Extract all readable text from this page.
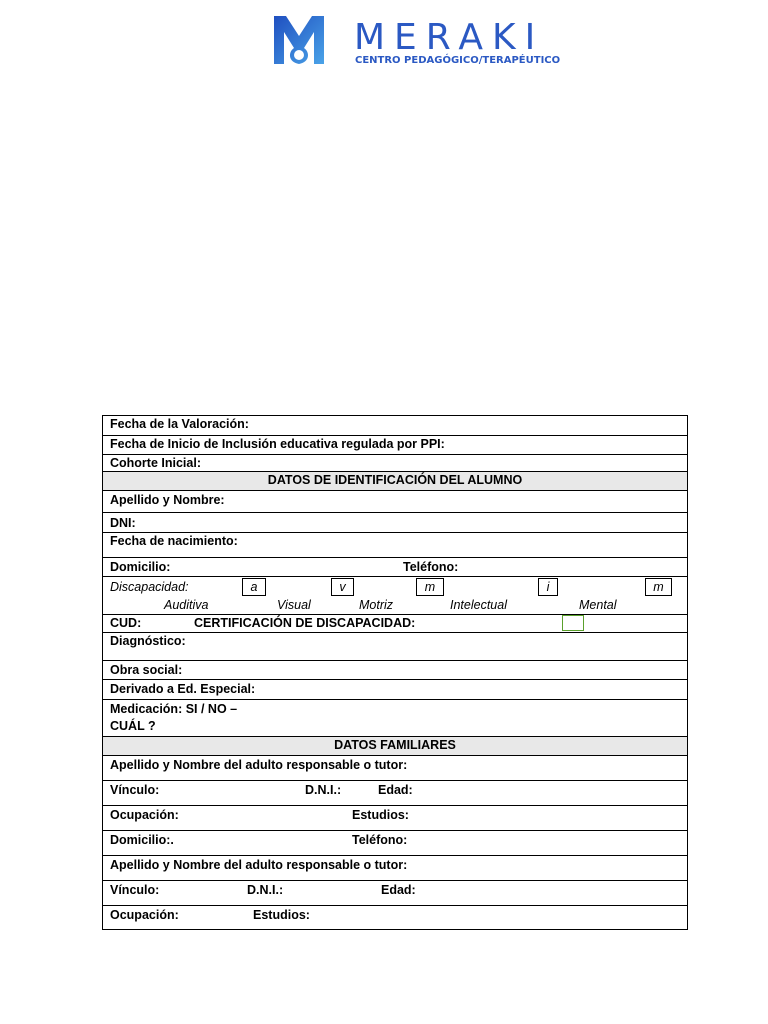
MERAKI
CENTRO PEDAGÓGICO/TERAPÉUTICO
Fecha de la Valoración:
Fecha de Inicio de Inclusión educativa regulada por PPI:
Cohorte Inicial:
DATOS DE IDENTIFICACIÓN DEL ALUMNO
Apellido y Nombre:
DNI:
Fecha de nacimiento:
Domicilio:	Teléfono:
Discapacidad:	a	v	m	i	m
Auditiva	Visual	Motriz	Intelectual	Mental
CUD:	CERTIFICACIÓN DE DISCAPACIDAD:
Diagnóstico:
Obra social:
Derivado a Ed. Especial:
Medicación: SI / NO –
CUÁL ?
DATOS FAMILIARES
Apellido y Nombre del adulto responsable o tutor:
Vínculo:	D.N.I.:	Edad:
Ocupación:	Estudios:
Domicilio:.	Teléfono:
Apellido y Nombre del adulto responsable o tutor:
Vínculo:	D.N.I.:	Edad:
Ocupación:	Estudios:
